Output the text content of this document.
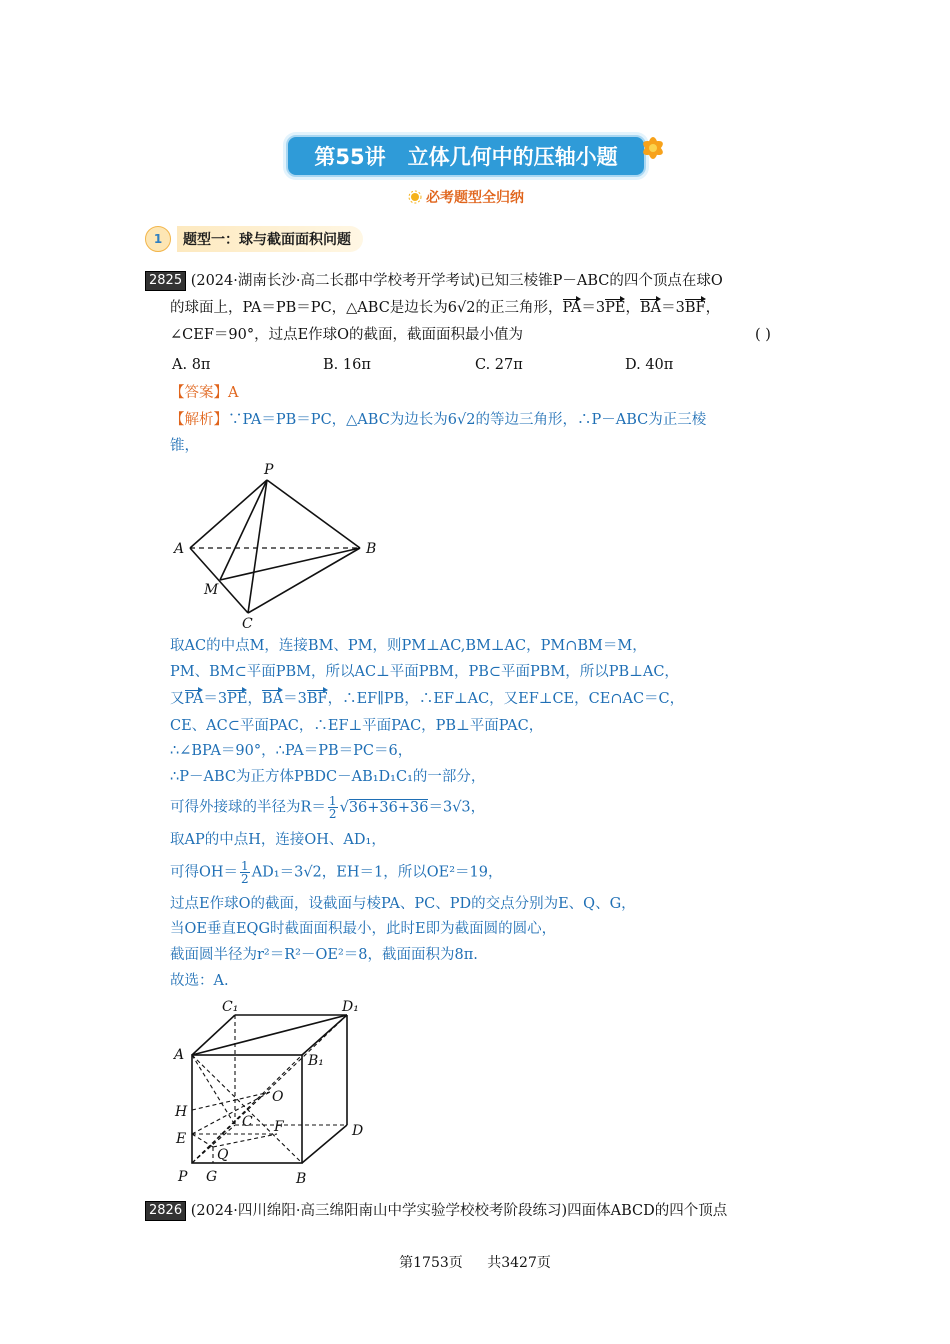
第55讲 立体几何中的压轴小题
必考题型全归纳
1	题型一：球与截面面积问题
2825 (2024·湖南长沙·高二长郡中学校考开学考试)已知三棱锥P－ABC的四个顶点在球O
的球面上，PA＝PB＝PC，△ABC是边长为6√2的正三角形，PA＝3PE，BA＝3BF，
∠CEF＝90°，过点E作球O的截面，截面面积最小值为	( )
A. 8π	B. 16π	C. 27π	D. 40π
【答案】A
【解析】∵PA＝PB＝PC，△ABC为边长为6√2的等边三角形，∴P－ABC为正三棱
锥，
P
A	B
M
C
取AC的中点M，连接BM、PM，则PM⊥AC,BM⊥AC，PM∩BM＝M，
PM、BM⊂平面PBM，所以AC⊥平面PBM，PB⊂平面PBM，所以PB⊥AC，
又PA＝3PE，BA＝3BF，∴EF∥PB，∴EF⊥AC，又EF⊥CE，CE∩AC＝C，
CE、AC⊂平面PAC，∴EF⊥平面PAC，PB⊥平面PAC，
∴∠BPA＝90°，∴PA＝PB＝PC＝6，
∴P－ABC为正方体PBDC－AB₁D₁C₁的一部分，
可得外接球的半径为$R= \frac{1}{2} √36+36+36=3√3$，
取AP的中点H，连接OH、AD₁，
可得$OH= \frac{1}{2} AD_1=3√2$，EH＝1，所以OE²＝19，
过点E作球O的截面，设截面与棱PA、PC、PD的交点分别为E、Q、G，
当OE垂直EQG时截面面积最小，此时E即为截面圆的圆心，
截面圆半径为r²＝R²－OE²＝8，截面面积为8π.
故选：A.
C₁	D₁
A	B₁
O
H
C F	D
E
Q
P G	B
2826 (2024·四川绵阳·高三绵阳南山中学实验学校校考阶段练习)四面体ABCD的四个顶点
第1753页 共3427页
